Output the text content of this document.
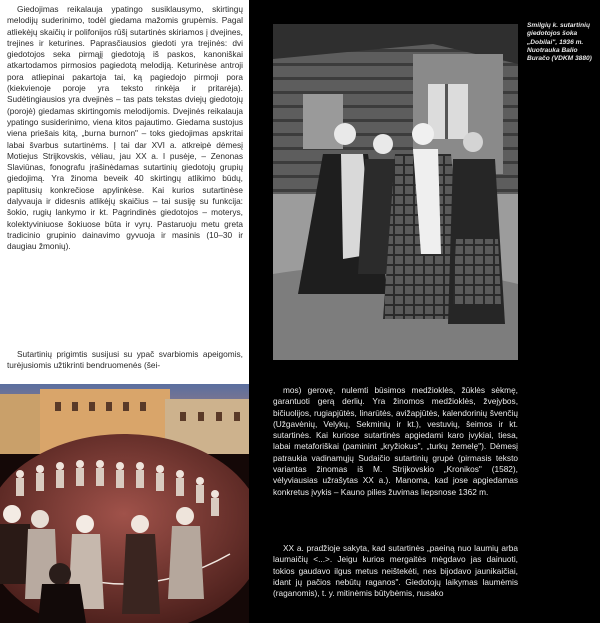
Giedojimas reikalauja ypatingo susiklausymo, skirtingų melodijų suderinimo, todėl giedama mažomis grupėmis. Pagal atliekėjų skaičių ir polifonijos rūšį sutartinės skiriamos į dvejines, trejines ir keturines. Paprasčiausios giedoti yra trejinės: dvi giedotojos seka pirmąjį giedotoją iš paskos, kanoniškai atkartodamos pirmosios pagiedotą melodiją. Keturinėse antroji pora atliepinai pakartoja tai, ką pagiedojo pirmoji pora (kiekvienoje poroje yra teksto rinkėja ir pritarėja). Sudėtingiausios yra dvejinės – tas pats tekstas dviejų giedotojų (porojė) giedamas skirtingomis melodijomis. Dvejinės reikalauja ypatingo susiderinimo, viena kitos pajautimo. Giedama sustojus viena priešais kitą, „burna burnon" – toks giedojimas apskritai labai švarbus sutartinėms. Į tai dar XVI a. atkreipė dėmesį Motiejus Strijkovskis, vėliau, jau XX a. I pusėje, – Zenonas Slaviūnas, fonografu įrašinėdamas sutartinių giedotojų grupių giedojimą. Yra žinoma beveik 40 skirtingų atlikimo būdų, paplitusių konkrečiose apylinkėse. Kai kurios sutartinėse dalyvauja ir didesnis atlikėjų skaičius – tai susiję su funkcija: šokio, rugių lankymo ir kt. Pagrindinės giedotojos – moterys, kolektyviniuose šokiuose būta ir vyrų. Pastaruoju metu greta tradicinio grupinio dainavimo gyvuoja ir masinis (10–30 ir daugiau žmonių).

Sutartinių prigimtis susijusi su ypač svarbiomis apeigomis, turėjusiomis užtikrinti bendruomenės (šei-

Smilgių k. sutartinių giedotojos šoka „Dobilai", 1936 m. Nuotrauka Balio Buračo (VDKM 3880)

mos) gerovę, nulemti būsimos medžioklės, žūklės sėkmę, garantuoti gerą derlių. Yra žinomos medžioklės, žvejybos, bičiuolijos, rugiapjūtės, linarūtės, avižapjūtės, kalendorinių švenčių (Užgavėnių, Velykų, Sekminių ir kt.), vestuvių, šeimos ir kt. sutartinės. Kai kuriose sutartinės apgiedami karo įvykiai, tiesa, labai metaforiškai (paminint „kryžiokus", „turkų žemelę"). Dėmesį patraukia vadinamųjų Sudaičio sutartinių grupė (pirmasis teksto variantas žinomas iš M. Strijkovskio „Kronikos" (1582), vėlyviausias užrašytas XX a.). Manoma, kad jose apgiedamas konkretus įvykis – Kauno pilies žuvimas liepsnose 1362 m.

XX a. pradžioje sakyta, kad sutartinės „paeiną nuo laumių arba laumaičių <...>. Jeigu kurios mergaitės mėgdavo jas dainuoti, tokios gaudavo ilgus metus neištekėti, nes bijodavo jaunikaičiai, idant jų pačios nebūtų raganos". Giedotojų laikymas laumėmis (raganomis), t. y. mitinėmis būtybėmis, nusako
